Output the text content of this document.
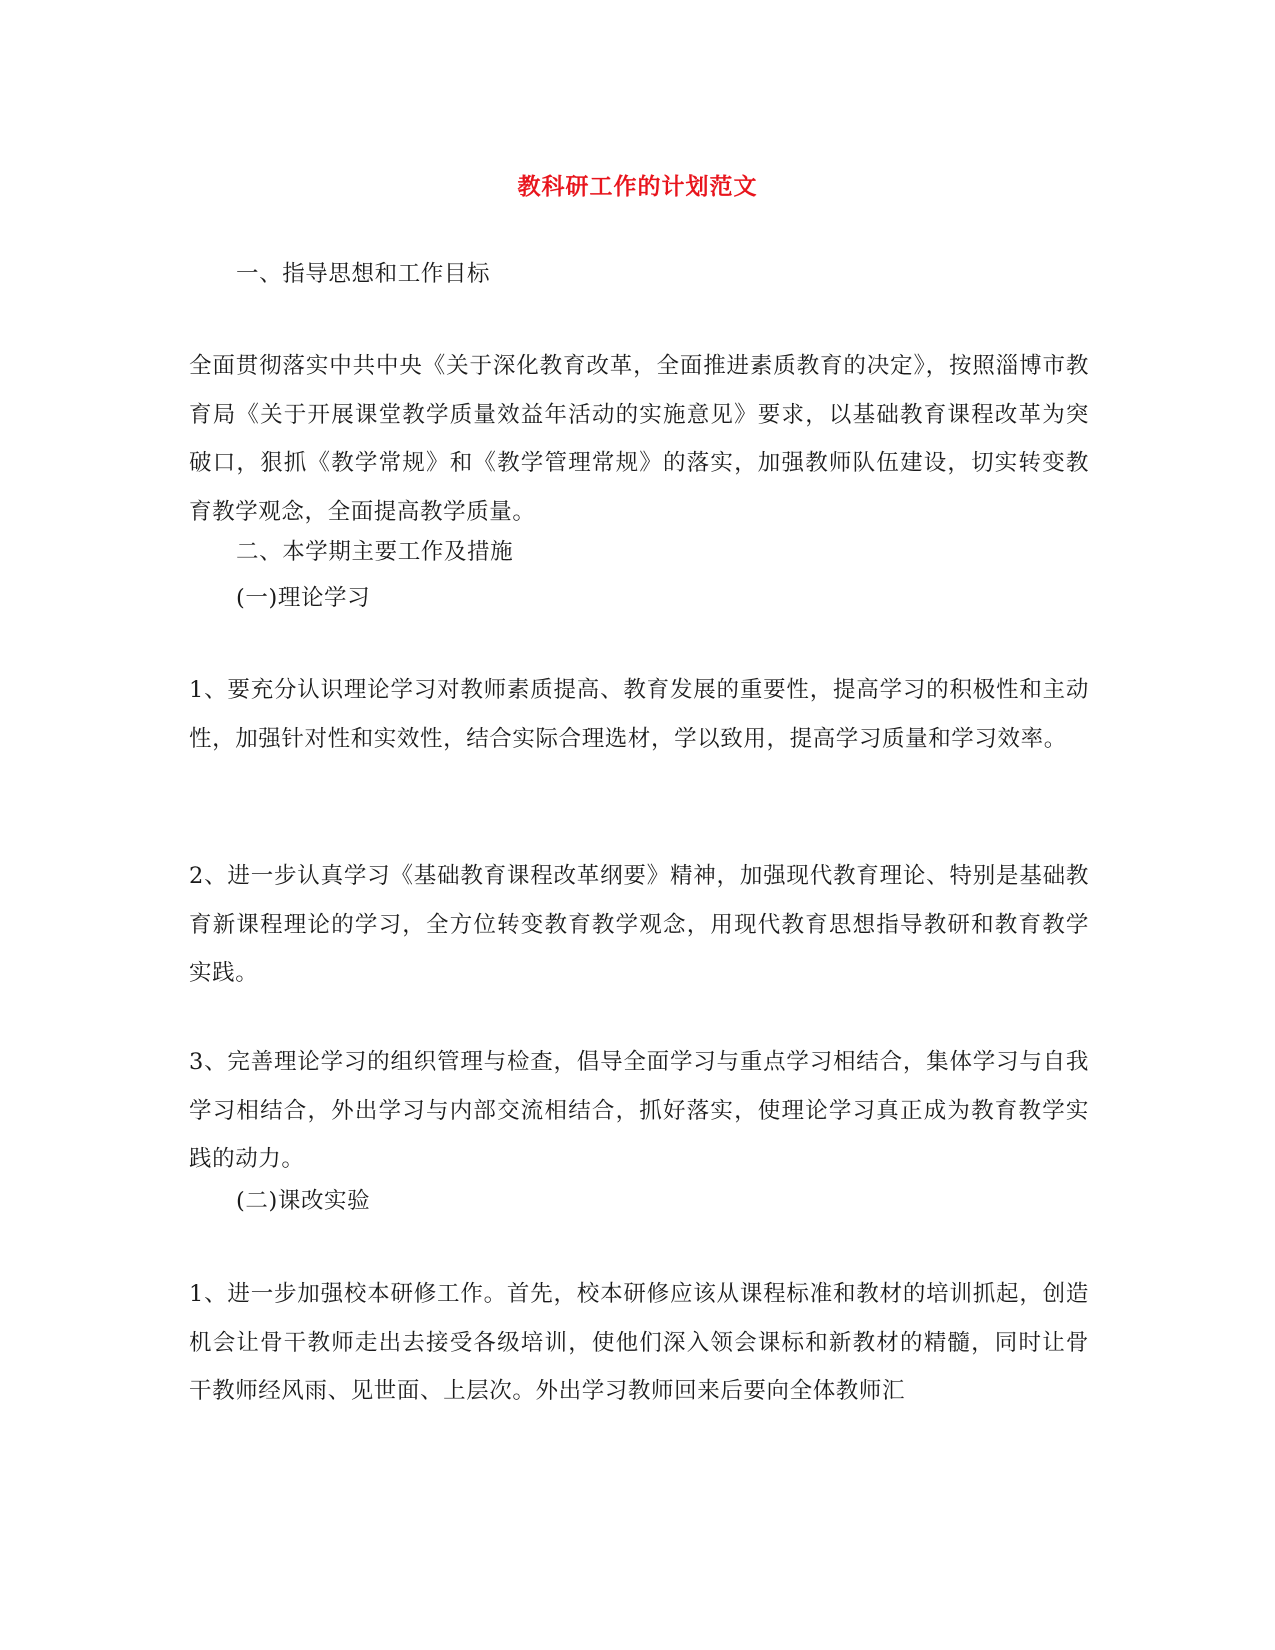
教科研工作的计划范文

一、指导思想和工作目标

全面贯彻落实中共中央《关于深化教育改革，全面推进素质教育的决定》，按照淄博市教育局《关于开展课堂教学质量效益年活动的实施意见》要求，以基础教育课程改革为突破口，狠抓《教学常规》和《教学管理常规》的落实，加强教师队伍建设，切实转变教育教学观念，全面提高教学质量。

二、本学期主要工作及措施

(一)理论学习

1、要充分认识理论学习对教师素质提高、教育发展的重要性，提高学习的积极性和主动性，加强针对性和实效性，结合实际合理选材，学以致用，提高学习质量和学习效率。

2、进一步认真学习《基础教育课程改革纲要》精神，加强现代教育理论、特别是基础教育新课程理论的学习，全方位转变教育教学观念，用现代教育思想指导教研和教育教学实践。

3、完善理论学习的组织管理与检查，倡导全面学习与重点学习相结合，集体学习与自我学习相结合，外出学习与内部交流相结合，抓好落实，使理论学习真正成为教育教学实践的动力。

(二)课改实验

1、进一步加强校本研修工作。首先，校本研修应该从课程标准和教材的培训抓起，创造机会让骨干教师走出去接受各级培训，使他们深入领会课标和新教材的精髓，同时让骨干教师经风雨、见世面、上层次。外出学习教师回来后要向全体教师汇
